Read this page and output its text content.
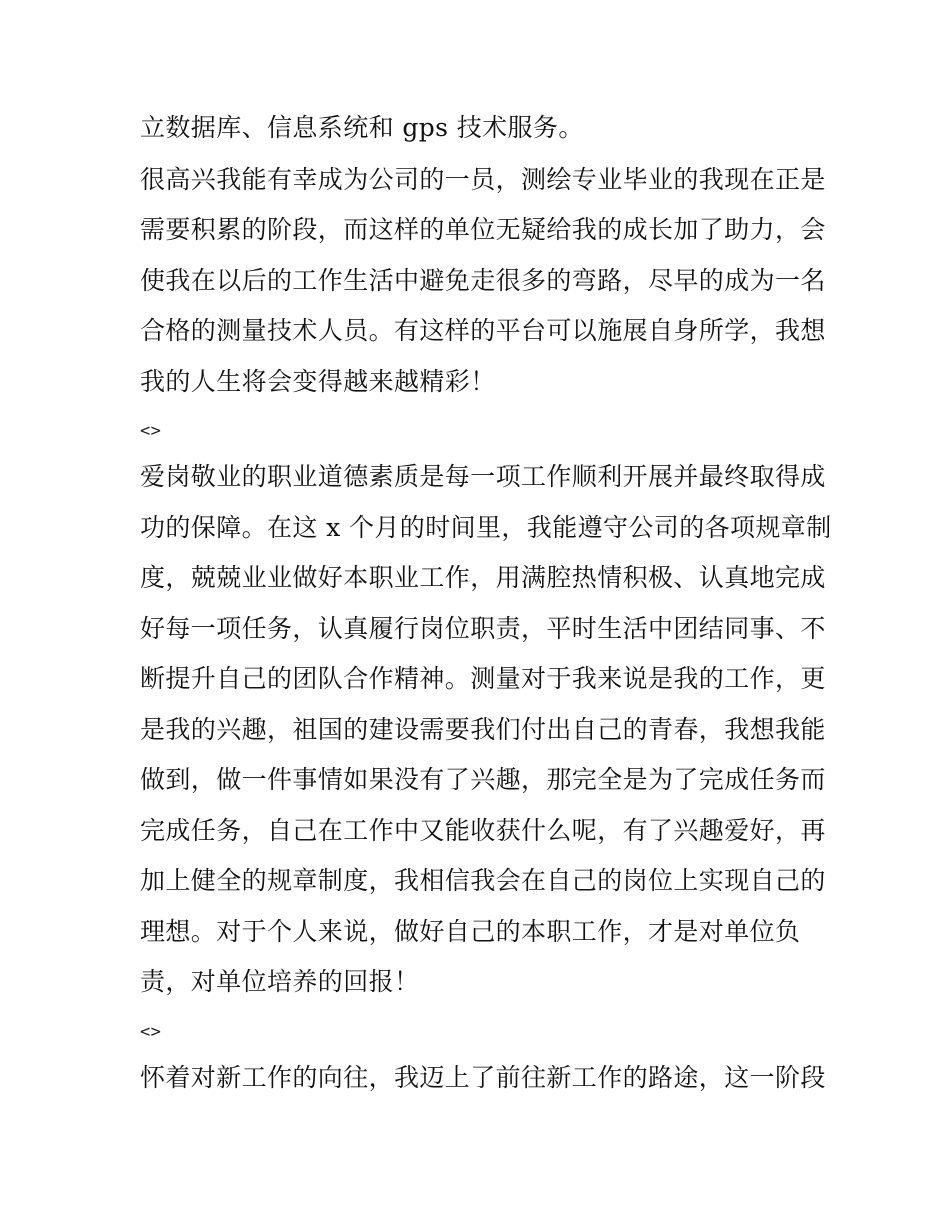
立数据库、信息系统和 gps 技术服务。
很高兴我能有幸成为公司的一员，测绘专业毕业的我现在正是
需要积累的阶段，而这样的单位无疑给我的成长加了助力，会
使我在以后的工作生活中避免走很多的弯路，尽早的成为一名
合格的测量技术人员。有这样的平台可以施展自身所学，我想
我的人生将会变得越来越精彩！
<>
爱岗敬业的职业道德素质是每一项工作顺利开展并最终取得成
功的保障。在这 x 个月的时间里，我能遵守公司的各项规章制
度，兢兢业业做好本职业工作，用满腔热情积极、认真地完成
好每一项任务，认真履行岗位职责，平时生活中团结同事、不
断提升自己的团队合作精神。测量对于我来说是我的工作，更
是我的兴趣，祖国的建设需要我们付出自己的青春，我想我能
做到，做一件事情如果没有了兴趣，那完全是为了完成任务而
完成任务，自己在工作中又能收获什么呢，有了兴趣爱好，再
加上健全的规章制度，我相信我会在自己的岗位上实现自己的
理想。对于个人来说，做好自己的本职工作，才是对单位负
责，对单位培养的回报！
<>
怀着对新工作的向往，我迈上了前往新工作的路途，这一阶段
